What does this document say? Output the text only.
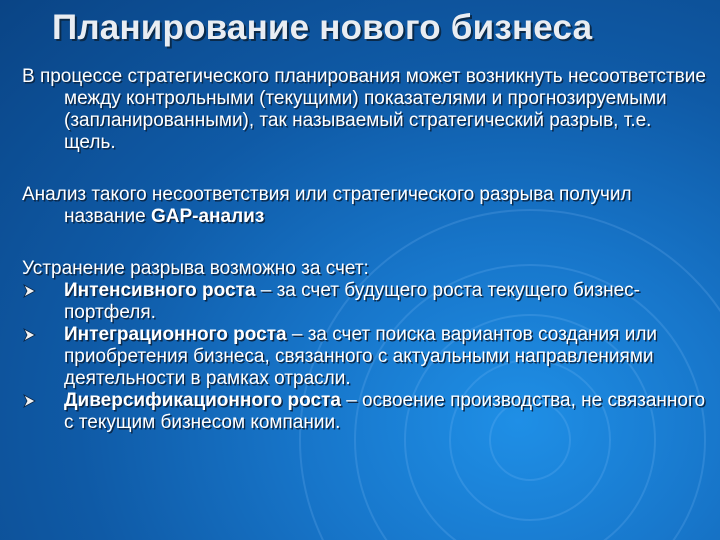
Планирование нового бизнеса

В процессе стратегического планирования может возникнуть несоответствие между контрольными (текущими) показателями и прогнозируемыми (запланированными), так называемый стратегический разрыв, т.е. щель.

Анализ такого несоответствия или стратегического разрыва получил название GAP-анализ

Устранение разрыва возможно за счет:

Интенсивного роста – за счет будущего роста текущего бизнес-портфеля.

Интеграционного роста – за счет поиска вариантов создания или приобретения бизнеса, связанного с актуальными направлениями деятельности в рамках отрасли.

Диверсификационного роста – освоение производства, не связанного с текущим бизнесом компании.
